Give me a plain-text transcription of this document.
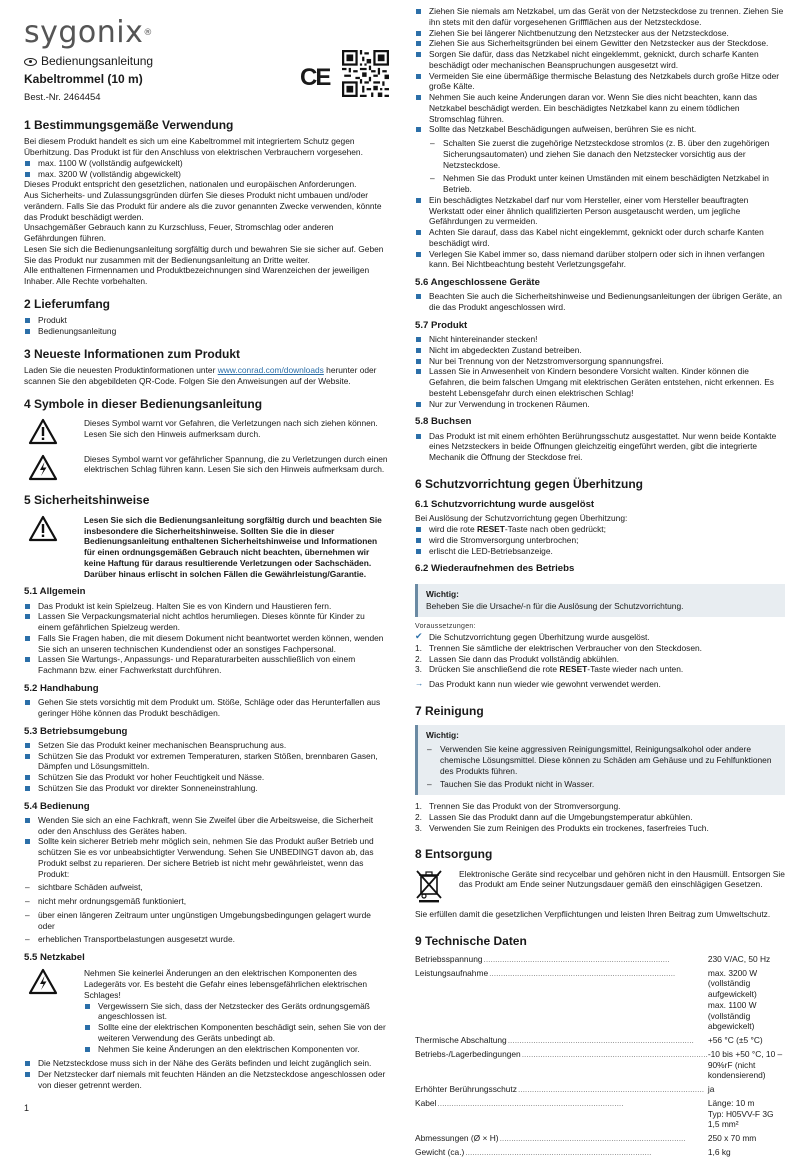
sygonix®
Bedienungsanleitung
Kabeltrommel (10 m)
Best.-Nr. 2464454
CE
1 Bestimmungsgemäße Verwendung

Bei diesem Produkt handelt es sich um eine Kabeltrommel mit integriertem Schutz gegen Überhitzung. Das Produkt ist für den Anschluss von elektrischen Verbrauchern vorgesehen.

max. 1100 W (vollständig aufgewickelt)
max. 3200 W (vollständig abgewickelt)

Dieses Produkt entspricht den gesetzlichen, nationalen und europäischen Anforderungen.

Aus Sicherheits- und Zulassungsgründen dürfen Sie dieses Produkt nicht umbauen und/oder verändern. Falls Sie das Produkt für andere als die zuvor genannten Zwecke verwenden, könnte das Produkt beschädigt werden.

Unsachgemäßer Gebrauch kann zu Kurzschluss, Feuer, Stromschlag oder anderen Gefährdungen führen.

Lesen Sie sich die Bedienungsanleitung sorgfältig durch und bewahren Sie sie sicher auf. Geben Sie das Produkt nur zusammen mit der Bedienungsanleitung an Dritte weiter.

Alle enthaltenen Firmennamen und Produktbezeichnungen sind Warenzeichen der jeweiligen Inhaber. Alle Rechte vorbehalten.

2 Lieferumfang
Produkt
Bedienungsanleitung
3 Neueste Informationen zum Produkt

Laden Sie die neuesten Produktinformationen unter www.conrad.com/downloads herunter oder scannen Sie den abgebildeten QR-Code. Folgen Sie den Anweisungen auf der Website.

4 Symbole in dieser Bedienungsanleitung
Dieses Symbol warnt vor Gefahren, die Verletzungen nach sich ziehen können. Lesen Sie sich den Hinweis aufmerksam durch.
Dieses Symbol warnt vor gefährlicher Spannung, die zu Verletzungen durch einen elektrischen Schlag führen kann. Lesen Sie sich den Hinweis aufmerksam durch.
5 Sicherheitshinweise
Lesen Sie sich die Bedienungsanleitung sorgfältig durch und beachten Sie insbesondere die Sicherheitshinweise. Sollten Sie die in dieser Bedienungsanleitung enthaltenen Sicherheitshinweise und Informationen für einen ordnungsgemäßen Gebrauch nicht beachten, übernehmen wir keine Haftung für daraus resultierende Verletzungen oder Sachschäden. Darüber hinaus erlischt in solchen Fällen die Gewährleistung/Garantie.
5.1 Allgemein
Das Produkt ist kein Spielzeug. Halten Sie es von Kindern und Haustieren fern.
Lassen Sie Verpackungsmaterial nicht achtlos herumliegen. Dieses könnte für Kinder zu einem gefährlichen Spielzeug werden.
Falls Sie Fragen haben, die mit diesem Dokument nicht beantwortet werden können, wenden Sie sich an unseren technischen Kundendienst oder an sonstiges Fachpersonal.
Lassen Sie Wartungs-, Anpassungs- und Reparaturarbeiten ausschließlich von einem Fachmann bzw. einer Fachwerkstatt durchführen.
5.2 Handhabung
Gehen Sie stets vorsichtig mit dem Produkt um. Stöße, Schläge oder das Herunterfallen aus geringer Höhe können das Produkt beschädigen.
5.3 Betriebsumgebung
Setzen Sie das Produkt keiner mechanischen Beanspruchung aus.
Schützen Sie das Produkt vor extremen Temperaturen, starken Stößen, brennbaren Gasen, Dämpfen und Lösungsmitteln.
Schützen Sie das Produkt vor hoher Feuchtigkeit und Nässe.
Schützen Sie das Produkt vor direkter Sonneneinstrahlung.
5.4 Bedienung
Wenden Sie sich an eine Fachkraft, wenn Sie Zweifel über die Arbeitsweise, die Sicherheit oder den Anschluss des Gerätes haben.
Sollte kein sicherer Betrieb mehr möglich sein, nehmen Sie das Produkt außer Betrieb und schützen Sie es vor unbeabsichtigter Verwendung. Sehen Sie UNBEDINGT davon ab, das Produkt selbst zu reparieren. Der sichere Betrieb ist nicht mehr gewährleistet, wenn das Produkt:
– sichtbare Schäden aufweist,
– nicht mehr ordnungsgemäß funktioniert,
– über einen längeren Zeitraum unter ungünstigen Umgebungsbedingungen gelagert wurde oder
– erheblichen Transportbelastungen ausgesetzt wurde.
5.5 Netzkabel
Nehmen Sie keinerlei Änderungen an den elektrischen Komponenten des Ladegeräts vor. Es besteht die Gefahr eines lebensgefährlichen elektrischen Schlages!
Vergewissern Sie sich, dass der Netzstecker des Geräts ordnungsgemäß angeschlossen ist.
Sollte eine der elektrischen Komponenten beschädigt sein, sehen Sie von der weiteren Verwendung des Geräts unbedingt ab.
Nehmen Sie keine Änderungen an den elektrischen Komponenten vor.
Die Netzsteckdose muss sich in der Nähe des Geräts befinden und leicht zugänglich sein.
Der Netzstecker darf niemals mit feuchten Händen an die Netzsteckdose angeschlossen oder von dieser getrennt werden.
Ziehen Sie niemals am Netzkabel, um das Gerät von der Netzsteckdose zu trennen. Ziehen Sie ihn stets mit den dafür vorgesehenen Griffflächen aus der Netzsteckdose.
Ziehen Sie bei längerer Nichtbenutzung den Netzstecker aus der Netzsteckdose.
Ziehen Sie aus Sicherheitsgründen bei einem Gewitter den Netzstecker aus der Steckdose.
Sorgen Sie dafür, dass das Netzkabel nicht eingeklemmt, geknickt, durch scharfe Kanten beschädigt oder mechanischen Beanspruchungen ausgesetzt wird.
Vermeiden Sie eine übermäßige thermische Belastung des Netzkabels durch große Hitze oder große Kälte.
Nehmen Sie auch keine Änderungen daran vor. Wenn Sie dies nicht beachten, kann das Netzkabel beschädigt werden. Ein beschädigtes Netzkabel kann zu einem tödlichen Stromschlag führen.
Sollte das Netzkabel Beschädigungen aufweisen, berühren Sie es nicht.
– Schalten Sie zuerst die zugehörige Netzsteckdose stromlos (z. B. über den zugehörigen Sicherungsautomaten) und ziehen Sie danach den Netzstecker vorsichtig aus der Netzsteckdose.
– Nehmen Sie das Produkt unter keinen Umständen mit einem beschädigten Netzkabel in Betrieb.
Ein beschädigtes Netzkabel darf nur vom Hersteller, einer vom Hersteller beauftragten Werkstatt oder einer ähnlich qualifizierten Person ausgetauscht werden, um jegliche Gefährdungen zu vermeiden.
Achten Sie darauf, dass das Kabel nicht eingeklemmt, geknickt oder durch scharfe Kanten beschädigt wird.
Verlegen Sie Kabel immer so, dass niemand darüber stolpern oder sich in ihnen verfangen kann. Bei Nichtbeachtung besteht Verletzungsgefahr.
5.6 Angeschlossene Geräte
Beachten Sie auch die Sicherheitshinweise und Bedienungsanleitungen der übrigen Geräte, an die das Produkt angeschlossen wird.
5.7 Produkt
Nicht hintereinander stecken!
Nicht im abgedeckten Zustand betreiben.
Nur bei Trennung von der Netzstromversorgung spannungsfrei.
Lassen Sie in Anwesenheit von Kindern besondere Vorsicht walten. Kinder können die Gefahren, die beim falschen Umgang mit elektrischen Geräten entstehen, nicht erkennen. Es besteht Lebensgefahr durch einen elektrischen Schlag!
Nur zur Verwendung in trockenen Räumen.
5.8 Buchsen
Das Produkt ist mit einem erhöhten Berührungsschutz ausgestattet. Nur wenn beide Kontakte eines Netzsteckers in beide Öffnungen gleichzeitig eingeführt werden, gibt die integrierte Mechanik die Öffnung der Steckdose frei.
6 Schutzvorrichtung gegen Überhitzung
6.1 Schutzvorrichtung wurde ausgelöst

Bei Auslösung der Schutzvorrichtung gegen Überhitzung:

wird die rote RESET-Taste nach oben gedrückt;
wird die Stromversorgung unterbrochen;
erlischt die LED-Betriebsanzeige.
6.2 Wiederaufnehmen des Betriebs
Wichtig:
Beheben Sie die Ursache/-n für die Auslösung der Schutzvorrichtung.
Voraussetzungen:
✔ Die Schutzvorrichtung gegen Überhitzung wurde ausgelöst.
1. Trennen Sie sämtliche der elektrischen Verbraucher von den Steckdosen.
2. Lassen Sie dann das Produkt vollständig abkühlen.
3. Drücken Sie anschließend die rote RESET-Taste wieder nach unten.
→ Das Produkt kann nun wieder wie gewohnt verwendet werden.
7 Reinigung
Wichtig:
– Verwenden Sie keine aggressiven Reinigungsmittel, Reinigungsalkohol oder andere chemische Lösungsmittel. Diese können zu Schäden am Gehäuse und zu Fehlfunktionen des Produkts führen.
– Tauchen Sie das Produkt nicht in Wasser.
1. Trennen Sie das Produkt von der Stromversorgung.
2. Lassen Sie das Produkt dann auf die Umgebungstemperatur abkühlen.
3. Verwenden Sie zum Reinigen des Produkts ein trockenes, faserfreies Tuch.
8 Entsorgung
Elektronische Geräte sind recycelbar und gehören nicht in den Hausmüll. Entsorgen Sie das Produkt am Ende seiner Nutzungsdauer gemäß den einschlägigen Gesetzen.

Sie erfüllen damit die gesetzlichen Verpflichtungen und leisten Ihren Beitrag zum Umweltschutz.

9 Technische Daten
Betriebsspannung................................................................................	230 V/AC, 50 Hz

Leistungsaufnahme................................................................................	max. 3200 W (vollständig aufgewickelt)
max. 1100 W (vollständig abgewickelt)

Thermische Abschaltung................................................................................	+56 °C (±5 °C)

Betriebs-/Lagerbedingungen................................................................................	-10 bis +50 °C, 10 – 90%rF (nicht kondensierend)

Erhöhter Berührungsschutz................................................................................	ja

Kabel................................................................................	Länge: 10 m
Typ: H05VV-F 3G 1,5 mm²

Abmessungen (Ø × H)................................................................................	250 x 70 mm

Gewicht (ca.)................................................................................	1,6 kg
1
